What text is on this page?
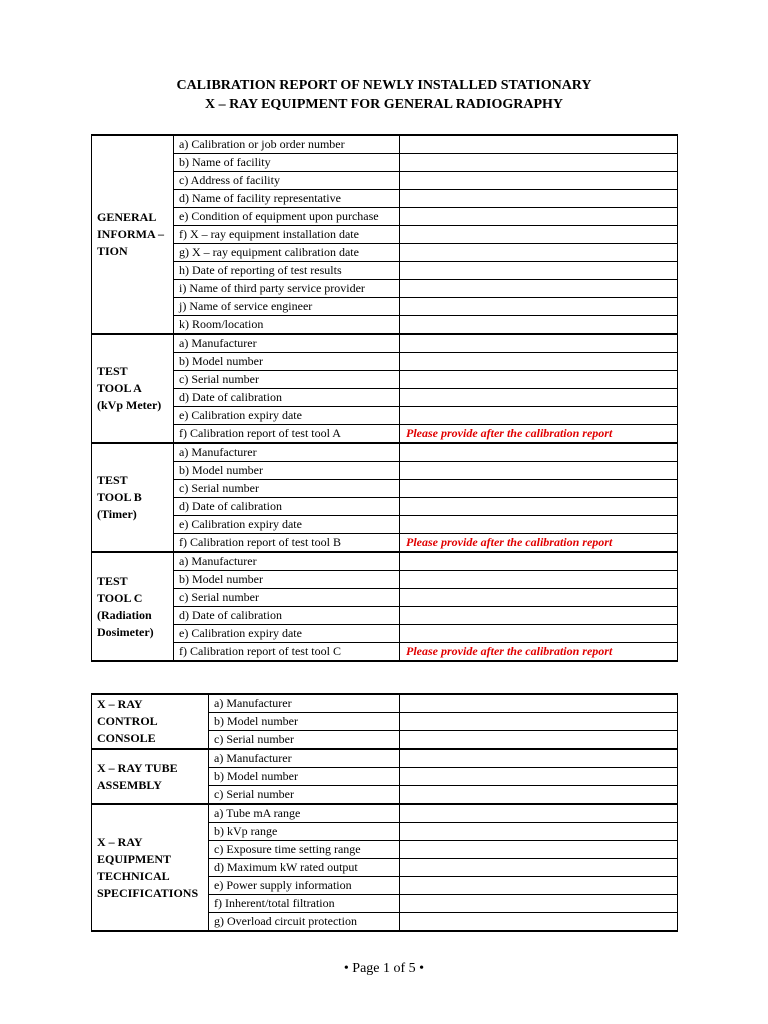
CALIBRATION REPORT OF NEWLY INSTALLED STATIONARY
X – RAY EQUIPMENT FOR GENERAL RADIOGRAPHY
GENERAL INFORMA – TION	a) Calibration or job order number	
	b) Name of facility	
	c) Address of facility	
	d) Name of facility representative	
	e) Condition of equipment upon purchase	
	f) X – ray equipment installation date	
	g) X – ray equipment calibration date	
	h) Date of reporting of test results	
	i) Name of third party service provider	
	j) Name of service engineer	
	k) Room/location	

TEST
TOOL A
(kVp Meter)	a) Manufacturer	
	b) Model number	
	c) Serial number	
	d) Date of calibration	
	e) Calibration expiry date	
	f) Calibration report of test tool A	Please provide after the calibration report

TEST
TOOL B
(Timer)	a) Manufacturer	
	b) Model number	
	c) Serial number	
	d) Date of calibration	
	e) Calibration expiry date	
	f) Calibration report of test tool B	Please provide after the calibration report

TEST
TOOL C
(Radiation
Dosimeter)	a) Manufacturer	
	b) Model number	
	c) Serial number	
	d) Date of calibration	
	e) Calibration expiry date	
	f) Calibration report of test tool C	Please provide after the calibration report
X – RAY CONTROL CONSOLE	a) Manufacturer	
	b) Model number	
	c) Serial number	
X – RAY TUBE ASSEMBLY	a) Manufacturer	
	b) Model number	
	c) Serial number	
X – RAY EQUIPMENT TECHNICAL SPECIFICATIONS	a) Tube mA range	
	b) kVp range	
	c) Exposure time setting range	
	d) Maximum kW rated output	
	e) Power supply information	
	f) Inherent/total filtration	
	g) Overload circuit protection	
• Page 1 of 5 •
